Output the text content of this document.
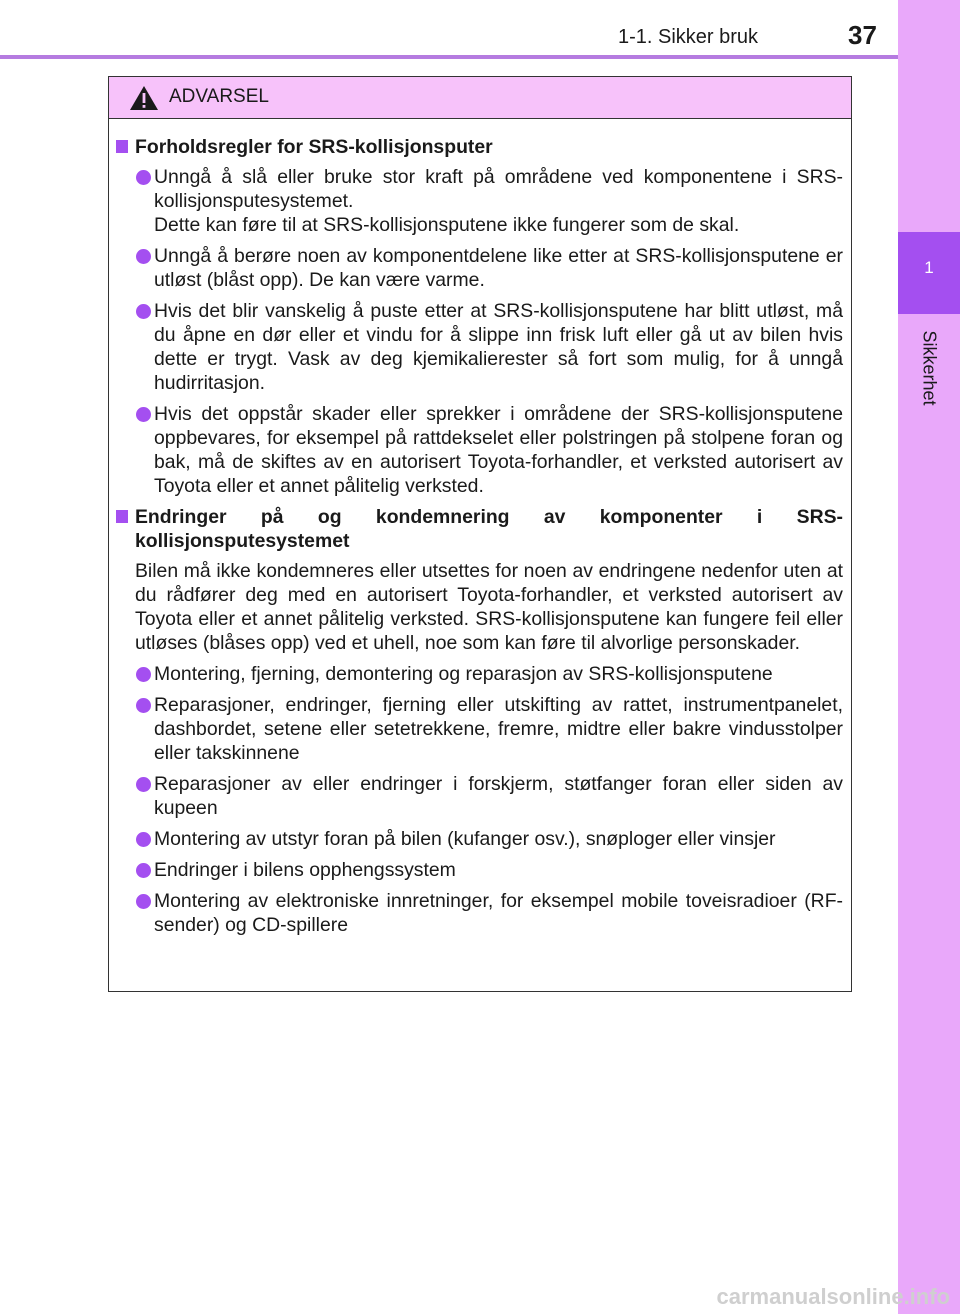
1-1. Sikker bruk	37
1
Sikkerhet
ADVARSEL
Forholdsregler for SRS-kollisjonsputer
Unngå å slå eller bruke stor kraft på områdene ved komponentene i SRS-kollisjonsputesystemet.
Dette kan føre til at SRS-kollisjonsputene ikke fungerer som de skal.
Unngå å berøre noen av komponentdelene like etter at SRS-kollisjonsputene er utløst (blåst opp). De kan være varme.
Hvis det blir vanskelig å puste etter at SRS-kollisjonsputene har blitt utløst, må du åpne en dør eller et vindu for å slippe inn frisk luft eller gå ut av bilen hvis dette er trygt. Vask av deg kjemikalierester så fort som mulig, for å unngå hudirritasjon.
Hvis det oppstår skader eller sprekker i områdene der SRS-kollisjonsputene oppbevares, for eksempel på rattdekselet eller polstringen på stolpene foran og bak, må de skiftes av en autorisert Toyota-forhandler, et verksted autorisert av Toyota eller et annet pålitelig verksted.
Endringer på og kondemnering av komponenter i SRS-kollisjonsputesystemet
Bilen må ikke kondemneres eller utsettes for noen av endringene nedenfor uten at du rådfører deg med en autorisert Toyota-forhandler, et verksted autorisert av Toyota eller et annet pålitelig verksted. SRS-kollisjonsputene kan fungere feil eller utløses (blåses opp) ved et uhell, noe som kan føre til alvorlige personskader.
Montering, fjerning, demontering og reparasjon av SRS-kollisjonsputene
Reparasjoner, endringer, fjerning eller utskifting av rattet, instrumentpanelet, dashbordet, setene eller setetrekkene, fremre, midtre eller bakre vindusstolper eller takskinnene
Reparasjoner av eller endringer i forskjerm, støtfanger foran eller siden av kupeen
Montering av utstyr foran på bilen (kufanger osv.), snøploger eller vinsjer
Endringer i bilens opphengssystem
Montering av elektroniske innretninger, for eksempel mobile toveisradioer (RF-sender) og CD-spillere
carmanualsonline.info
